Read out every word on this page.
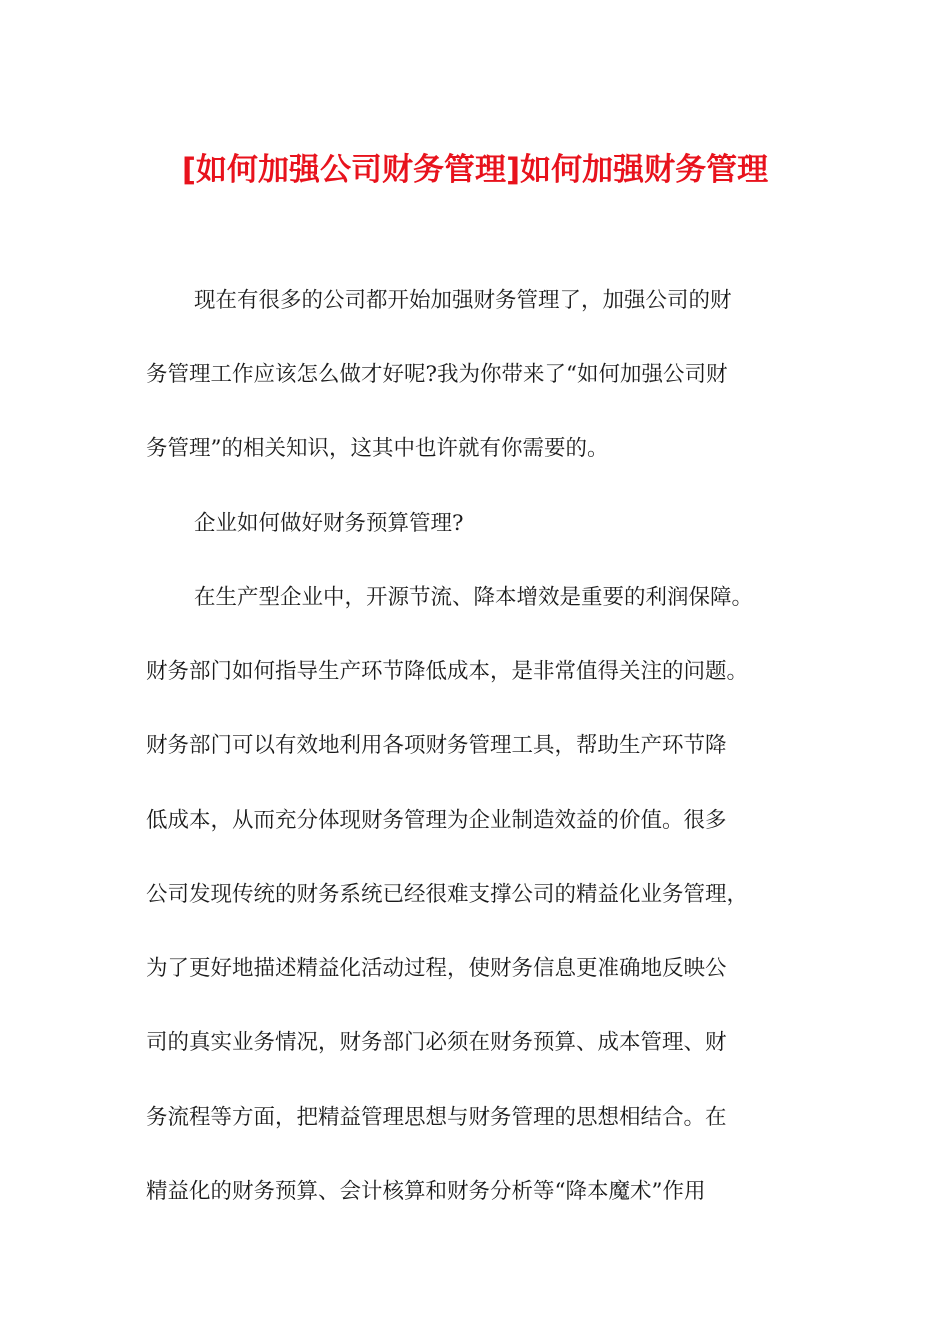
[如何加强公司财务管理]如何加强财务管理

现在有很多的公司都开始加强财务管理了，加强公司的财

务管理工作应该怎么做才好呢?我为你带来了“如何加强公司财

务管理”的相关知识，这其中也许就有你需要的。

企业如何做好财务预算管理?

在生产型企业中，开源节流、降本增效是重要的利润保障。

财务部门如何指导生产环节降低成本，是非常值得关注的问题。

财务部门可以有效地利用各项财务管理工具，帮助生产环节降

低成本，从而充分体现财务管理为企业制造效益的价值。很多

公司发现传统的财务系统已经很难支撑公司的精益化业务管理，

为了更好地描述精益化活动过程，使财务信息更准确地反映公

司的真实业务情况，财务部门必须在财务预算、成本管理、财

务流程等方面，把精益管理思想与财务管理的思想相结合。在

精益化的财务预算、会计核算和财务分析等“降本魔术”作用
